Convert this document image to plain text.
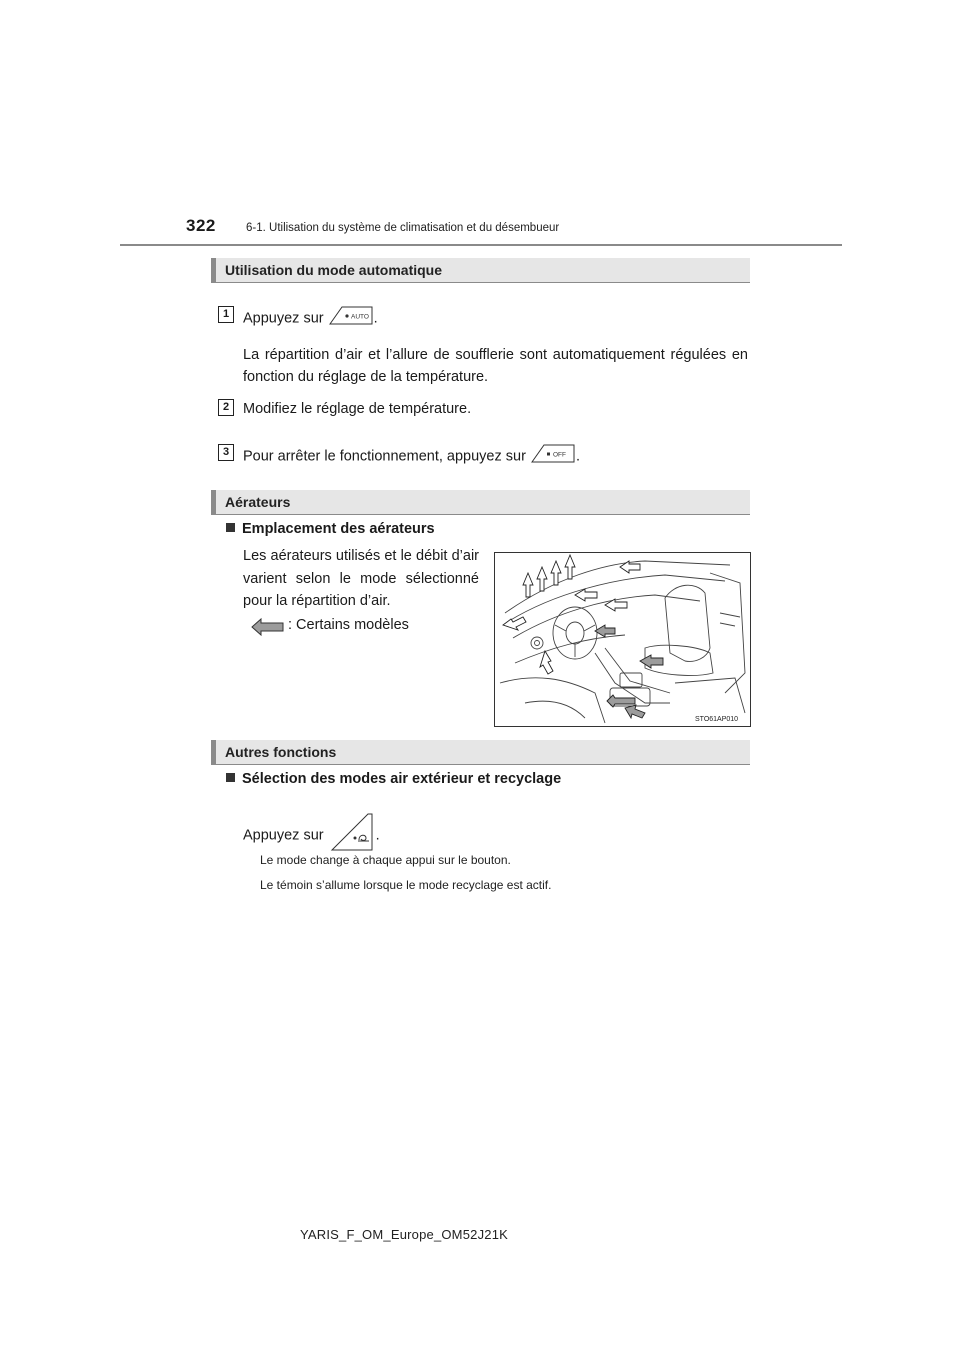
322	6-1. Utilisation du système de climatisation et du désembueur
Utilisation du mode automatique
1 Appuyez sur	AUTO .
La répartition d’air et l’allure de soufflerie sont automatiquement régulées en fonction du réglage de la température.
2 Modifiez le réglage de température.
3 Pour arrêter le fonctionnement, appuyez sur	OFF .
Aérateurs
Emplacement des aérateurs
Les aérateurs utilisés et le débit d’air varient selon le mode sélectionné pour la répartition d’air.
: Certains modèles
STO61AP010
Autres fonctions
Sélection des modes air extérieur et recyclage
Appuyez sur	.
Le mode change à chaque appui sur le bouton.
Le témoin s’allume lorsque le mode recyclage est actif.
YARIS_F_OM_Europe_OM52J21K
